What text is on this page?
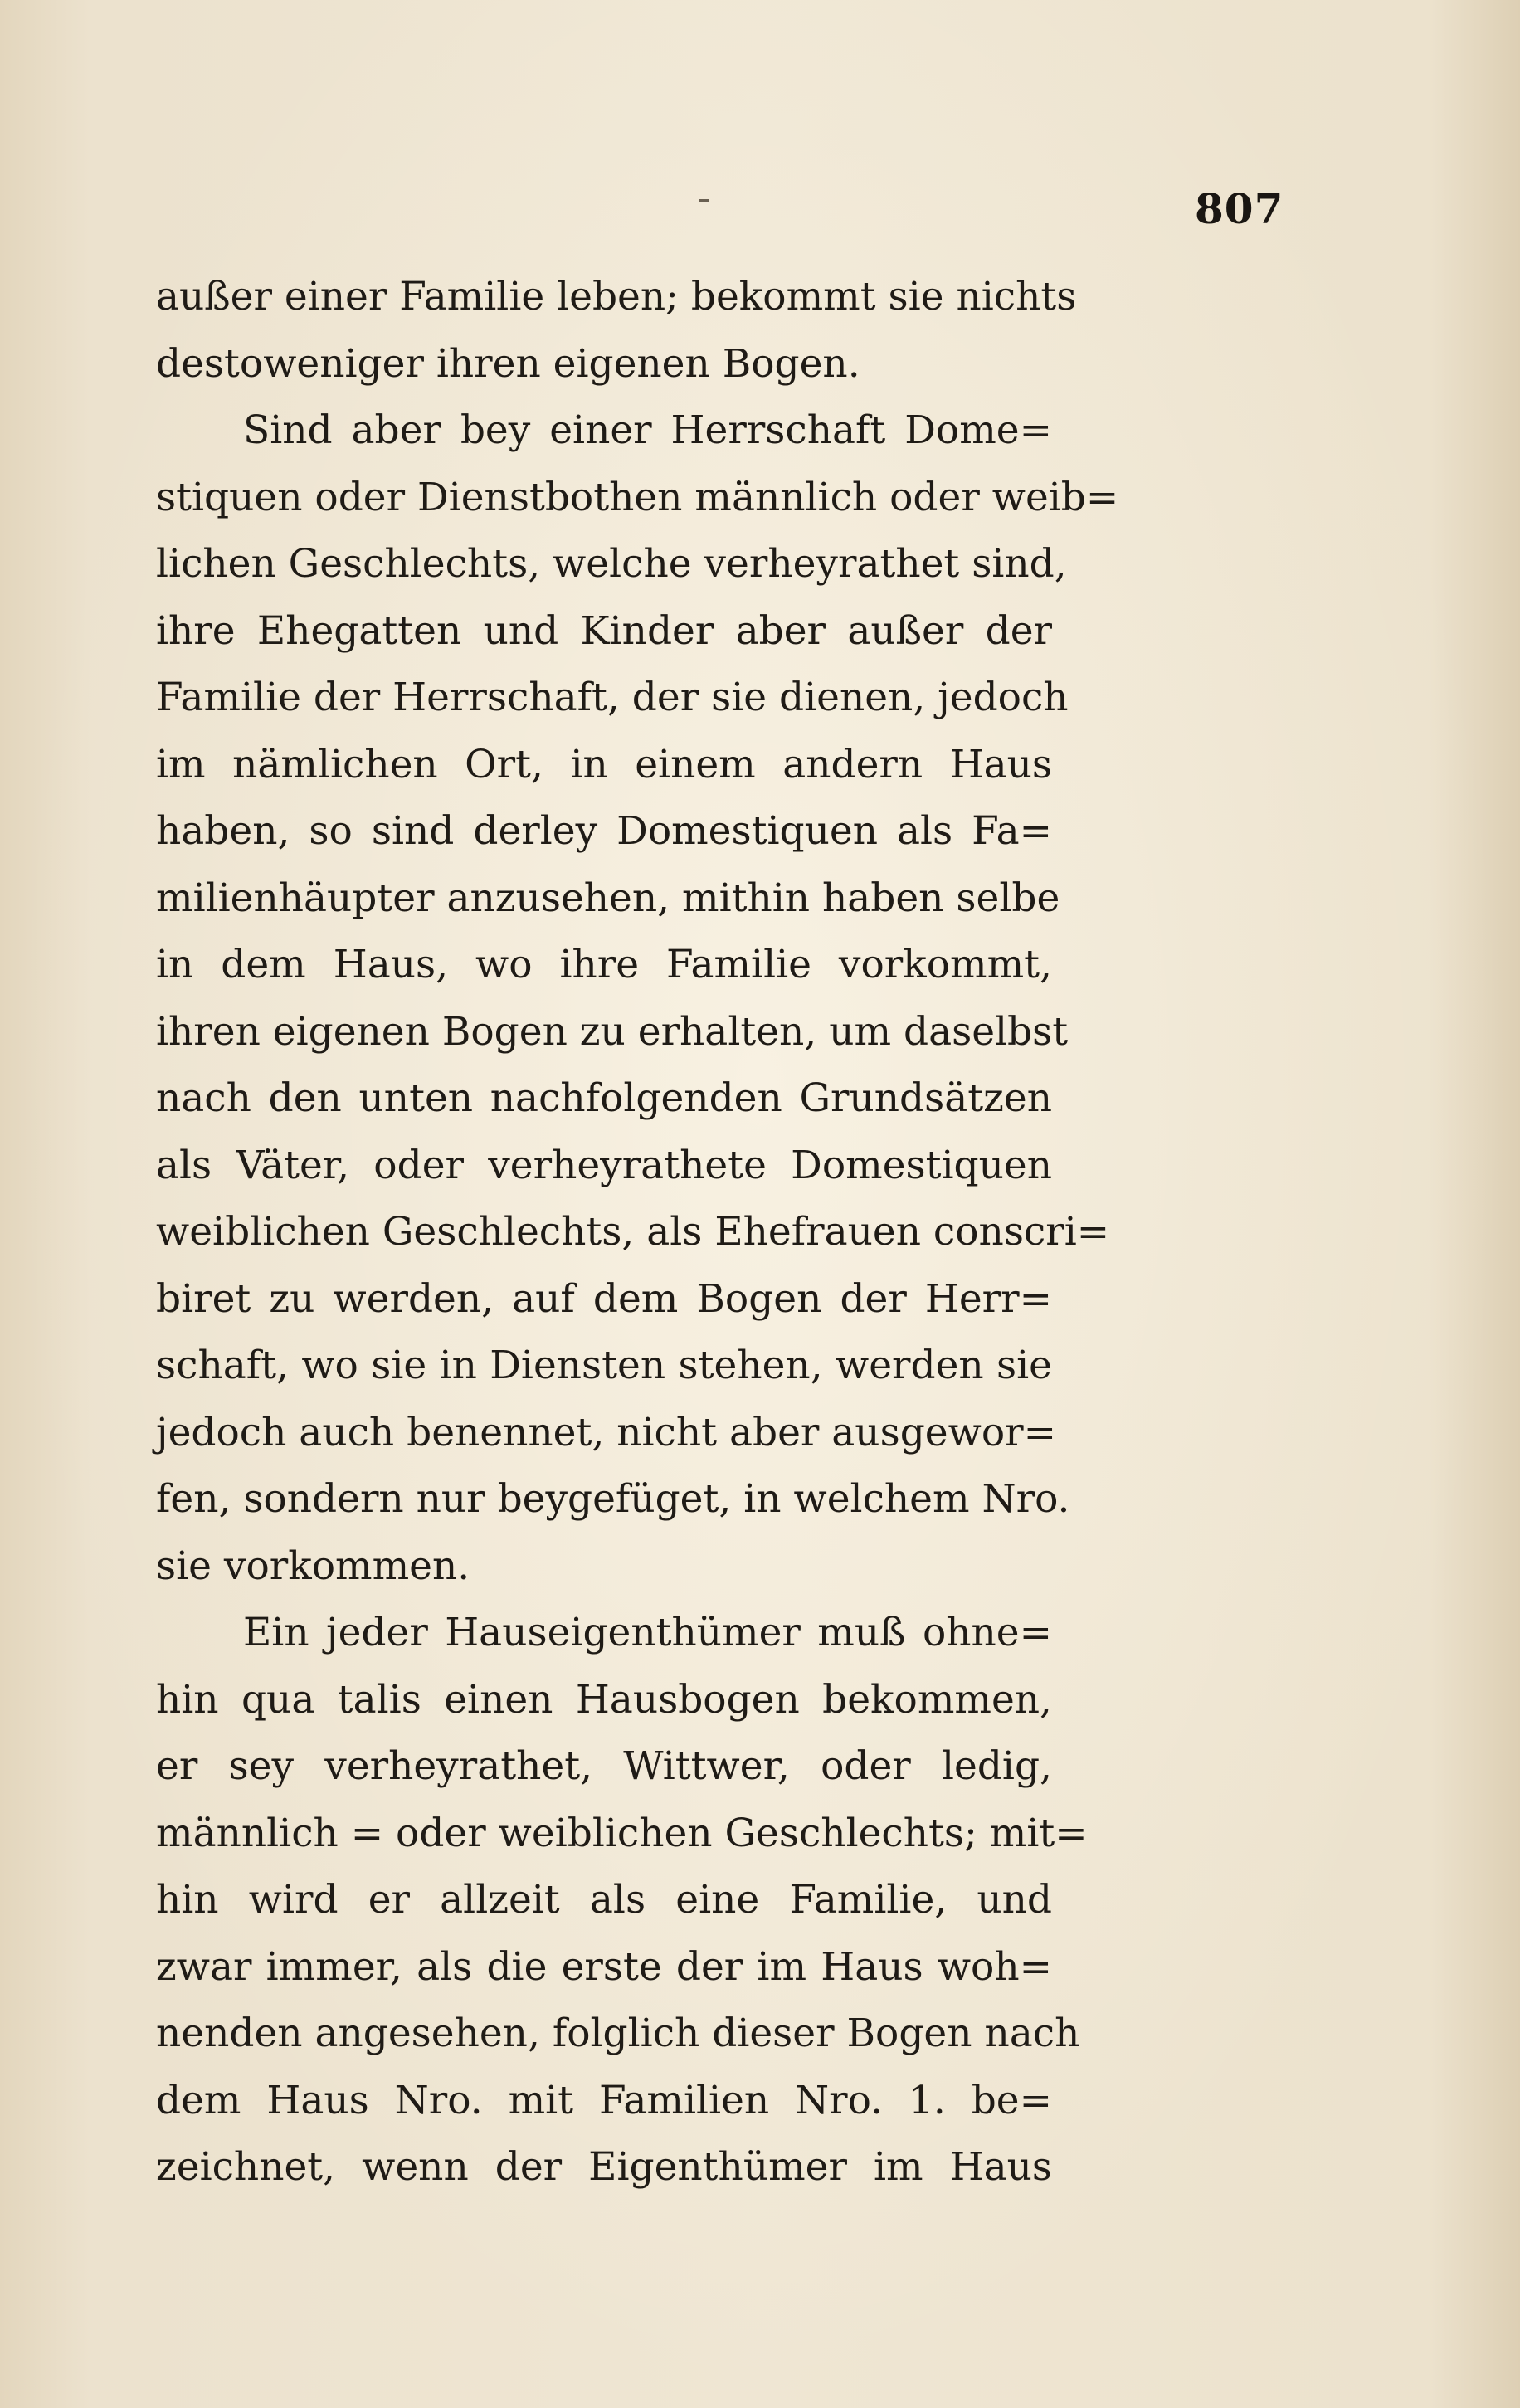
807
außer einer Familie leben; bekommt sie nichts
destoweniger ihren eigenen Bogen.
Sind aber bey einer Herrschaft Dome=
stiquen oder Dienstbothen männlich oder weib=
lichen Geschlechts, welche verheyrathet sind,
ihre Ehegatten und Kinder aber außer der
Familie der Herrschaft, der sie dienen, jedoch
im nämlichen Ort, in einem andern Haus
haben, so sind derley Domestiquen als Fa=
milienhäupter anzusehen, mithin haben selbe
in dem Haus, wo ihre Familie vorkommt,
ihren eigenen Bogen zu erhalten, um daselbst
nach den unten nachfolgenden Grundsätzen
als Väter, oder verheyrathete Domestiquen
weiblichen Geschlechts, als Ehefrauen conscri=
biret zu werden, auf dem Bogen der Herr=
schaft, wo sie in Diensten stehen, werden sie
jedoch auch benennet, nicht aber ausgewor=
fen, sondern nur beygefüget, in welchem Nro.
sie vorkommen.
Ein jeder Hauseigenthümer muß ohne=
hin qua talis einen Hausbogen bekommen,
er sey verheyrathet, Wittwer, oder ledig,
männlich = oder weiblichen Geschlechts; mit=
hin wird er allzeit als eine Familie, und
zwar immer, als die erste der im Haus woh=
nenden angesehen, folglich dieser Bogen nach
dem Haus Nro. mit Familien Nro. 1. be=
zeichnet, wenn der Eigenthümer im Haus
